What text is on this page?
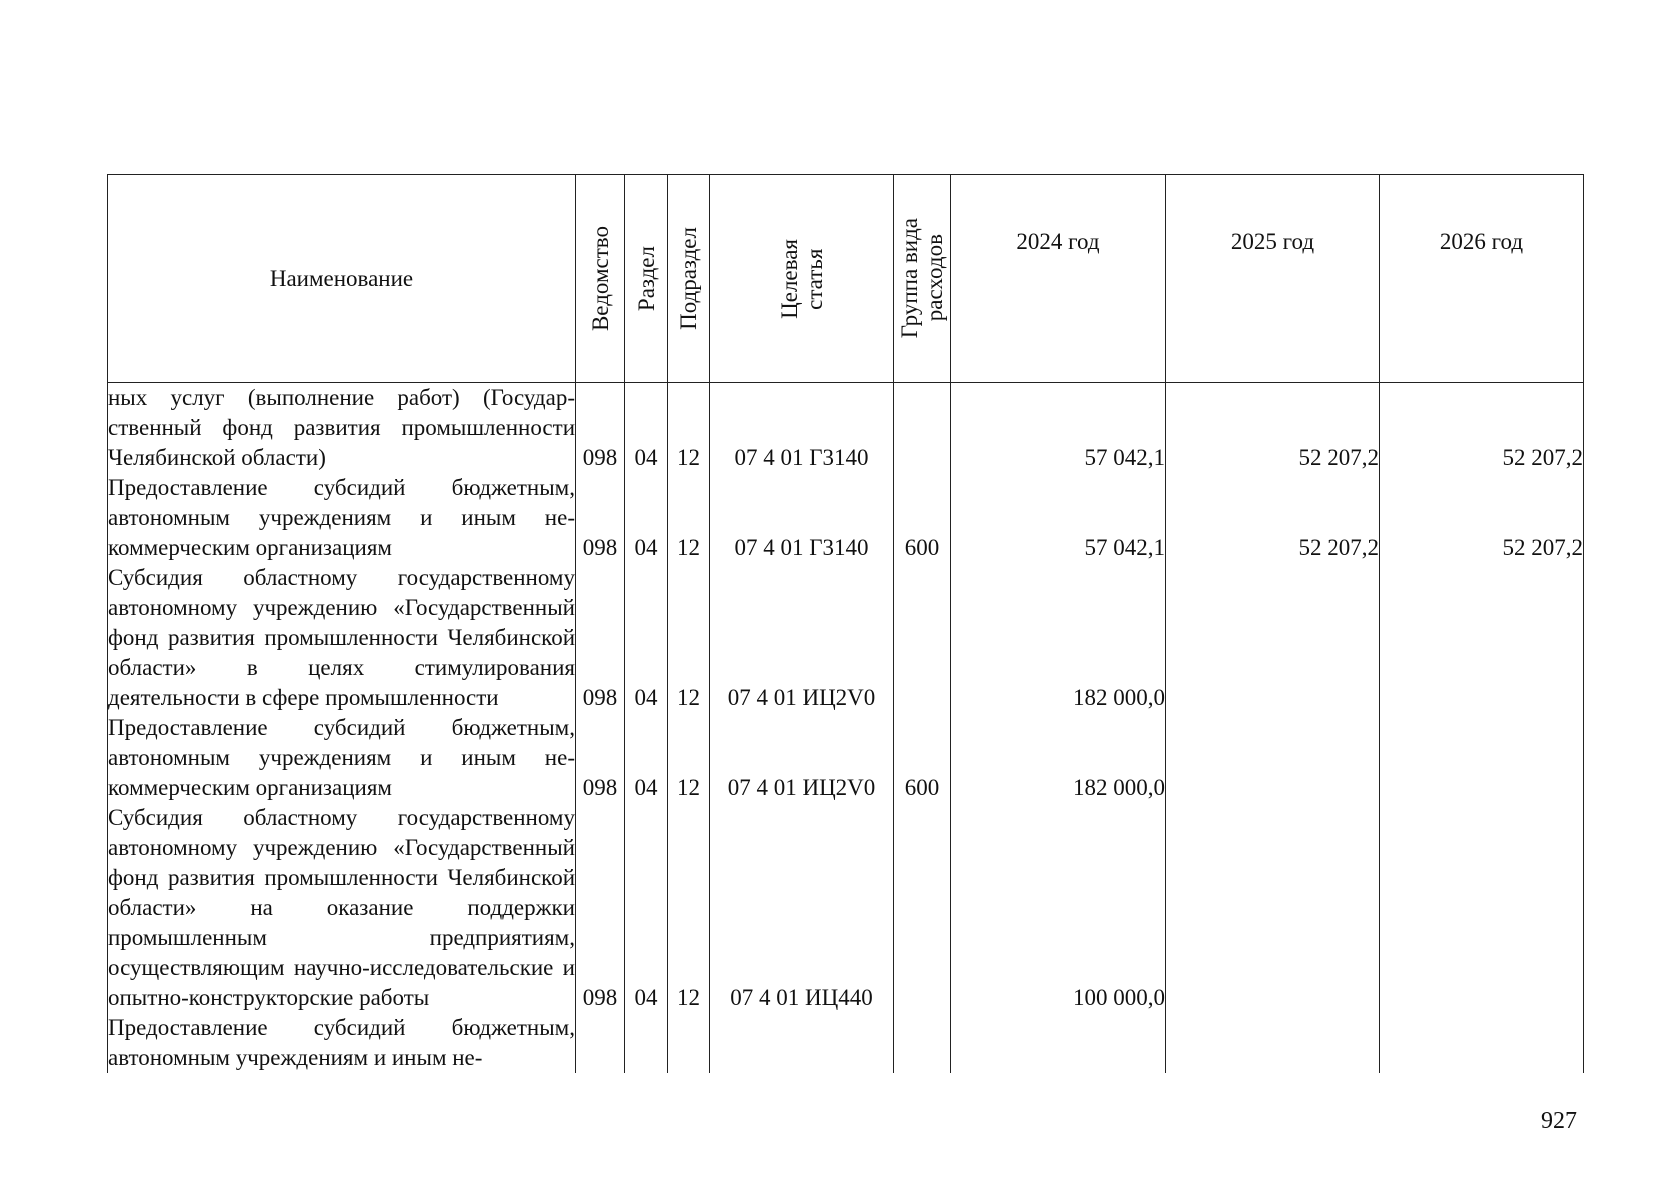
Наименование	Ведомство	Раздел	Подраздел	Целевая
статья	Группа вида
расходов	2024 год	2025 год	2026 год
ных услуг (выполнение работ) (Государственный фонд развития промышленности Челябинской области)	098	04	12	07 4 01 Г3140		57 042,1	52 207,2	52 207,2
Предоставление субсидий бюджетным, автономным учреждениям и иным некоммерческим организациям	098	04	12	07 4 01 Г3140	600	57 042,1	52 207,2	52 207,2
Субсидия областному государственному автономному учреждению «Государственный фонд развития промышленности Челябинской области» в целях стимулирования деятельности в сфере промышленности	098	04	12	07 4 01 ИЦ2V0		182 000,0		
Предоставление субсидий бюджетным, автономным учреждениям и иным некоммерческим организациям	098	04	12	07 4 01 ИЦ2V0	600	182 000,0		
Субсидия областному государственному автономному учреждению «Государственный фонд развития промышленности Челябинской области» на оказание поддержки промышленным предприятиям, осуществляющим научно-исследовательские и опытно-конструкторские работы	098	04	12	07 4 01 ИЦ440		100 000,0		
Предоставление субсидий бюджетным, автономным учреждениям и иным не-								
927
